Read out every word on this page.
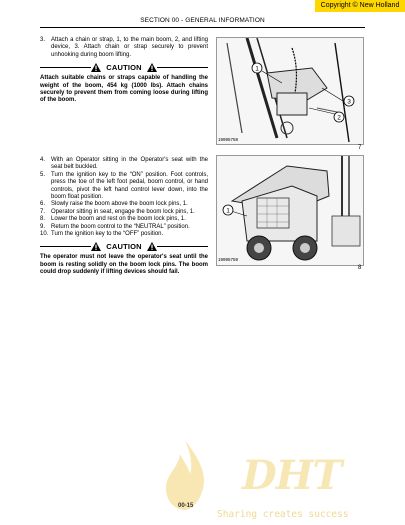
Copyright © New Holland
SECTION 00 - GENERAL INFORMATION
3. Attach a chain or strap, 1, to the main boom, 2, and lifting device, 3. Attach chain or strap securely to prevent unhooking during boom lifting.
CAUTION
Attach suitable chains or straps capable of handling the weight of the boom, 454 kg (1000 lbs). Attach chains securely to prevent them from coming loose during lifting of the boom.
1
2
3
19995758
7
4. With an Operator sitting in the Operator's seat with the seat belt buckled.
5. Turn the ignition key to the “ON” position. Foot controls, press the toe of the left foot pedal, boom control, or hand controls, pivot the left hand control lever down, into the boom float position.
6. Slowly raise the boom above the boom lock pins, 1.
7. Operator sitting in seat, engage the boom lock pins, 1.
8. Lower the boom and rest on the boom lock pins, 1.
9. Return the boom control to the “NEUTRAL” position.
10. Turn the ignition key to the “OFF” position.
CAUTION
The operator must not leave the operator's seat until the boom is resting solidly on the boom lock pins. The boom could drop suddenly if lifting devices should fail.
1
19995759
8
DHT
Sharing creates success
00-15
